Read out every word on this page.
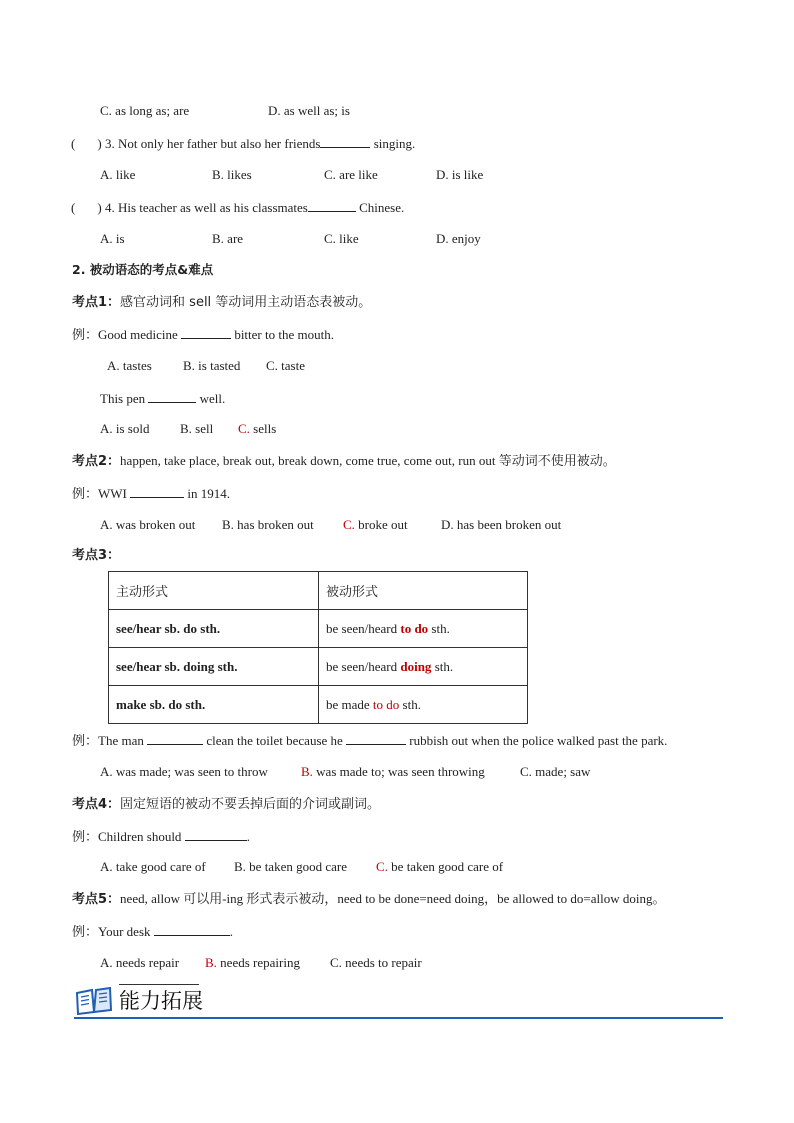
C. as long as; are	D. as well as; is
( ) 3. Not only her father but also her friends	singing.
A. like	B. likes	C. are like	D. is like
( ) 4. His teacher as well as his classmates	Chinese.
A. is	B. are	C. like	D. enjoy
2. 被动语态的考点&难点
考点1：感官动词和 sell 等动词用主动语态表被动。
例：Good medicine	bitter to the mouth.
A. tastes B. is tasted C. taste
This pen	well.
A. is sold B. sell C. sells
考点2：happen, take place, break out, break down, come true, come out, run out 等动词不使用被动。
例：WWI	in 1914.
A. was broken out B. has broken out C. broke out	D. has been broken out
考点3：
主动形式	被动形式
see/hear sb. do sth.	be seen/heard to do sth.
see/hear sb. doing sth.	be seen/heard doing sth.
make sb. do sth.	be made to do sth.
例：The man	clean the toilet because he	rubbish out when the police walked past the park.
A. was made; was seen to throw	B. was made to; was seen throwing	C. made; saw
考点4：固定短语的被动不要丢掉后面的介词或副词。
例：Children should	.
A. take good care of B. be taken good care C. be taken good care of
考点5：need, allow 可以用-ing 形式表示被动，need to be done=need doing，be allowed to do=allow doing。
例：Your desk	.
A. needs repair B. needs repairing C. needs to repair
能力拓展
